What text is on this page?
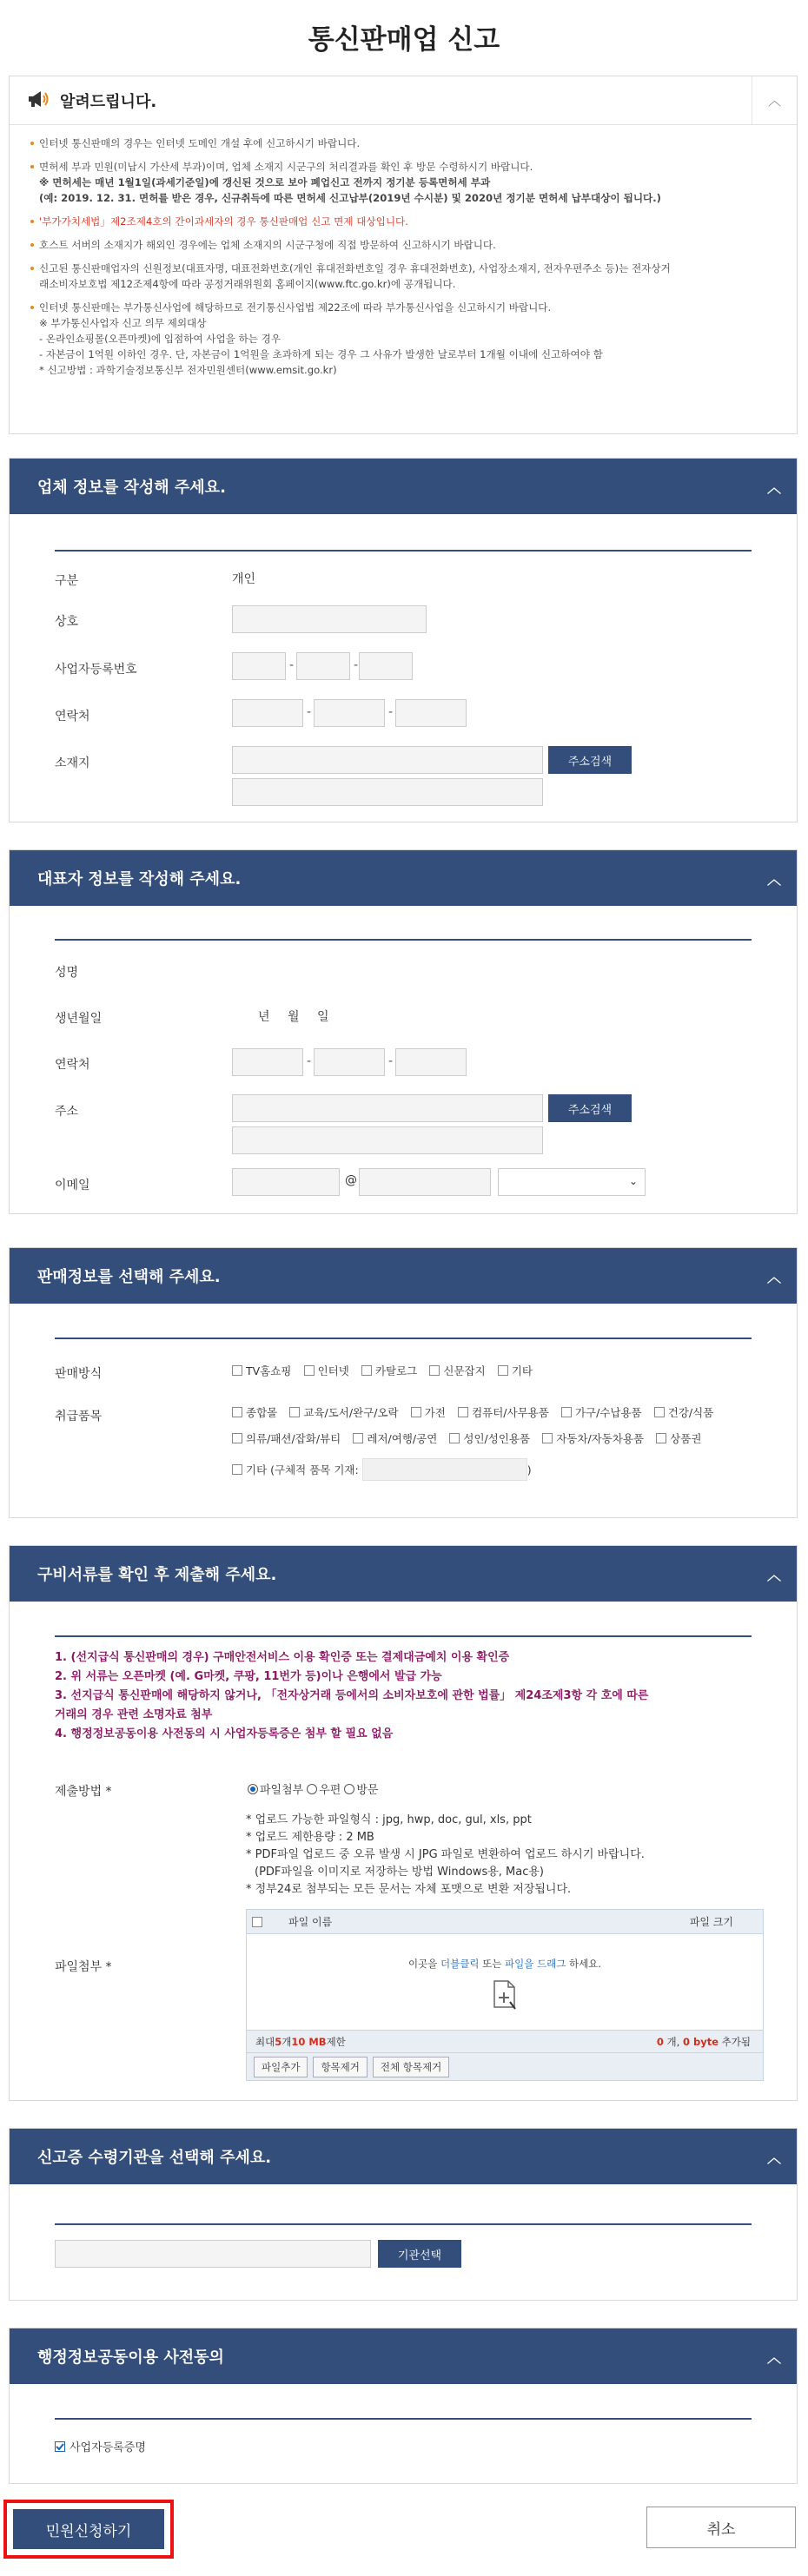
통신판매업 신고
알려드립니다.	︿
인터넷 통신판매의 경우는 인터넷 도메인 개설 후에 신고하시기 바랍니다.
면허세 부과 민원(미납시 가산세 부과)이며, 업체 소재지 시군구의 처리결과를 확인 후 방문 수령하시기 바랍니다.
※ 면허세는 매년 1월1일(과세기준일)에 갱신된 것으로 보아 폐업신고 전까지 정기분 등록면허세 부과
(예: 2019. 12. 31. 면허를 받은 경우, 신규취득에 따른 면허세 신고납부(2019년 수시분) 및 2020년 정기분 면허세 납부대상이 됩니다.)
'부가가치세법」제2조제4호의 간이과세자의 경우 통신판매업 신고 면제 대상입니다.
호스트 서버의 소재지가 해외인 경우에는 업체 소재지의 시군구청에 직접 방문하여 신고하시기 바랍니다.
신고된 통신판매업자의 신원정보(대표자명, 대표전화번호(개인 휴대전화번호일 경우 휴대전화번호), 사업장소재지, 전자우편주소 등)는 전자상거
래소비자보호법 제12조제4항에 따라 공정거래위원회 홈페이지(www.ftc.go.kr)에 공개됩니다.
인터넷 통신판매는 부가통신사업에 해당하므로 전기통신사업법 제22조에 따라 부가통신사업을 신고하시기 바랍니다.
※ 부가통신사업자 신고 의무 제외대상
- 온라인쇼핑몰(오픈마켓)에 입점하여 사업을 하는 경우
- 자본금이 1억원 이하인 경우. 단, 자본금이 1억원을 초과하게 되는 경우 그 사유가 발생한 날로부터 1개월 이내에 신고하여야 함
* 신고방법 : 과학기술정보통신부 전자민원센터(www.emsit.go.kr)
업체 정보를 작성해 주세요.	︿
구분	개인
상호
사업자등록번호	-	-
연락처	-	-
소재지	주소검색
대표자 정보를 작성해 주세요.	︿
성명
생년월일	년 월 일
연락처	-	-
주소	주소검색
이메일	@	⌄
판매정보를 선택해 주세요.	︿
판매방식	TV홈쇼핑
인터넷
카탈로그
신문잡지
기타
취급품목	종합몰
교육/도서/완구/오락
가전
컴퓨터/사무용품
가구/수납용품
건강/식품
의류/패션/잡화/뷰티
레저/여행/공연
성인/성인용품
자동차/자동차용품
상품권
기타 (구체적 품목 기재:	)
구비서류를 확인 후 제출해 주세요.	︿
1. (선지급식 통신판매의 경우) 구매안전서비스 이용 확인증 또는 결제대금예치 이용 확인증
2. 위 서류는 오픈마켓 (예. G마켓, 쿠팡, 11번가 등)이나 은행에서 발급 가능
3. 선지급식 통신판매에 해당하지 않거나, 「전자상거래 등에서의 소비자보호에 관한 법률」 제24조제3항 각 호에 따른
거래의 경우 관련 소명자료 첨부
4. 행정정보공동이용 사전동의 시 사업자등록증은 첨부 할 필요 없음
제출방법 *	파일첨부 우편 방문
* 업로드 가능한 파일형식 : jpg, hwp, doc, gul, xls, ppt
* 업로드 제한용량 : 2 MB
* PDF파일 업로드 중 오류 발생 시 JPG 파일로 변환하여 업로드 하시기 바랍니다.
(PDF파일을 이미지로 저장하는 방법 Windows용, Mac용)
* 정부24로 첨부되는 모든 문서는 자체 포맷으로 변환 저장됩니다.
파일첨부 *
파일 이름	파일 크기
이곳을 더블클릭 또는 파일을 드래그 하세요.
최대 5 개 10 MB 제한	0 개, 0 byte 추가됨
파일추가	항목제거	전체 항목제거
신고증 수령기관을 선택해 주세요.	︿
기관선택
행정정보공동이용 사전동의	︿
사업자등록증명
민원신청하기	취소
